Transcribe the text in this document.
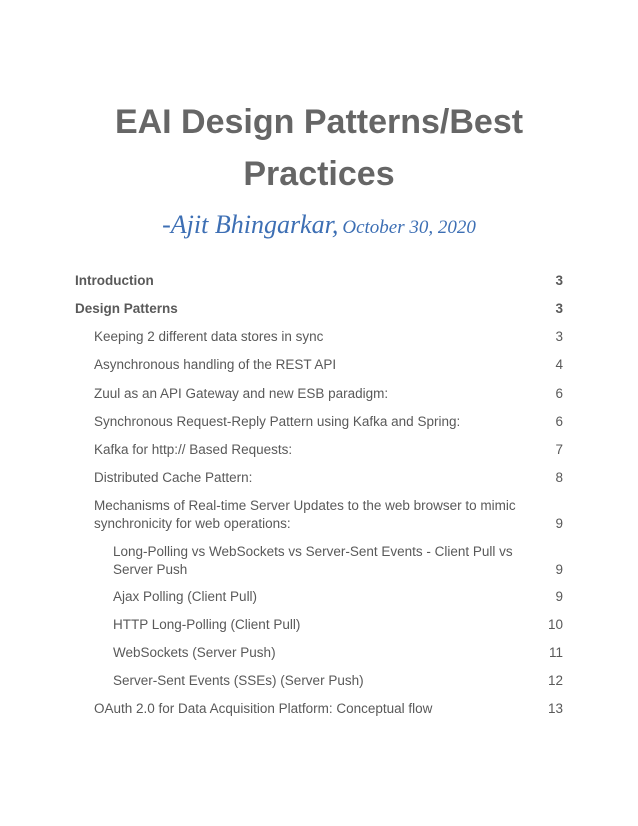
EAI Design Patterns/Best
Practices
-Ajit Bhingarkar, October 30, 2020
Introduction	3
Design Patterns	3
Keeping 2 different data stores in sync	3
Asynchronous handling of the REST API	4
Zuul as an API Gateway and new ESB paradigm:	6
Synchronous Request-Reply Pattern using Kafka and Spring:	6
Kafka for http:// Based Requests:	7
Distributed Cache Pattern:	8
Mechanisms of Real-time Server Updates to the web browser to mimic synchronicity for web operations:	9
Long-Polling vs WebSockets vs Server-Sent Events - Client Pull vs Server Push	9
Ajax Polling (Client Pull)	9
HTTP Long-Polling (Client Pull)	10
WebSockets (Server Push)	11
Server-Sent Events (SSEs) (Server Push)	12
OAuth 2.0 for Data Acquisition Platform: Conceptual flow	13
